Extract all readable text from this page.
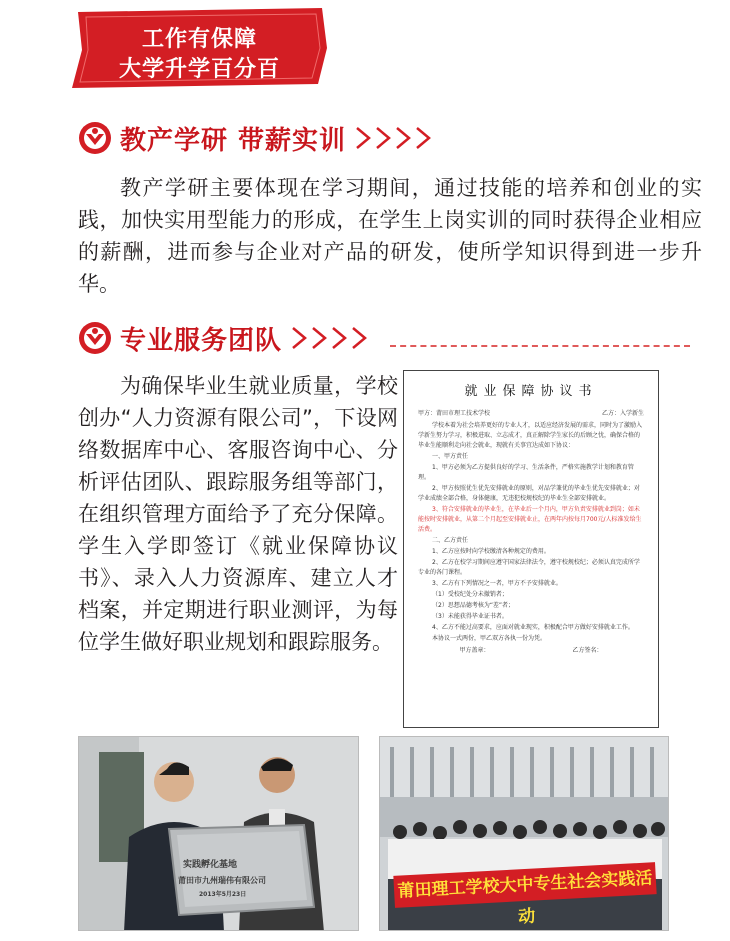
工作有保障
大学升学百分百
教产学研 带薪实训

教产学研主要体现在学习期间，通过技能的培养和创业的实践，加快实用型能力的形成，在学生上岗实训的同时获得企业相应的薪酬，进而参与企业对产品的研发，使所学知识得到进一步升华。

专业服务团队

为确保毕业生就业质量，学校创办“人力资源有限公司”，下设网络数据库中心、客服咨询中心、分析评估团队、跟踪服务组等部门，在组织管理方面给予了充分保障。学生入学即签订《就业保障协议书》、录入人力资源库、建立人才档案，并定期进行职业测评，为每位学生做好职业规划和跟踪服务。

就业保障协议书
甲方：莆田市理工技术学校	乙方：入学新生

学校本着为社会培养更好的专业人才，以适应经济发展的需求，同时为了激励入学新生努力学习，积极进取、立志成才，真正解除学生家长的后顾之忧，确保合格的毕业生能顺利走向社会就业，现就有关事宜达成如下协议：

一、甲方责任

1、甲方必须为乙方提供良好的学习、生活条件，严格实施教学计划和教育管理。

2、甲方按照优生优先安排就业的原则，对品学兼优的毕业生优先安排就业；对学业成绩全部合格，身体健康，无违犯校规校纪的毕业生全部安排就业。

3、符合安排就业的毕业生，在毕业后一个月内，甲方负责安排就业到岗；如未能按时安排就业，从第二个月起至安排就业止，在两年内按每月700元/人标准发给生活费。

二、乙方责任

1、乙方应按时向学校缴清各种规定的费用。

2、乙方在校学习期间应遵守国家法律法令，遵守校规校纪；必须认真完成所学专业的各门课程。

3、乙方有下列情况之一者，甲方不予安排就业。

（1）受校纪处分未撤销者；

（2）思想品德考核为“差”者；

（3）未能获得毕业证书者。

4、乙方不能过高要求，应面对就业现实，积极配合甲方做好安排就业工作。

本协议一式两份，甲乙双方各执一份为凭。

甲方盖章：	乙方签名：
实践孵化基地
莆田市九州瑞伟有限公司
2013年5月23日	莆田理工学校大中专生社会实践活动
